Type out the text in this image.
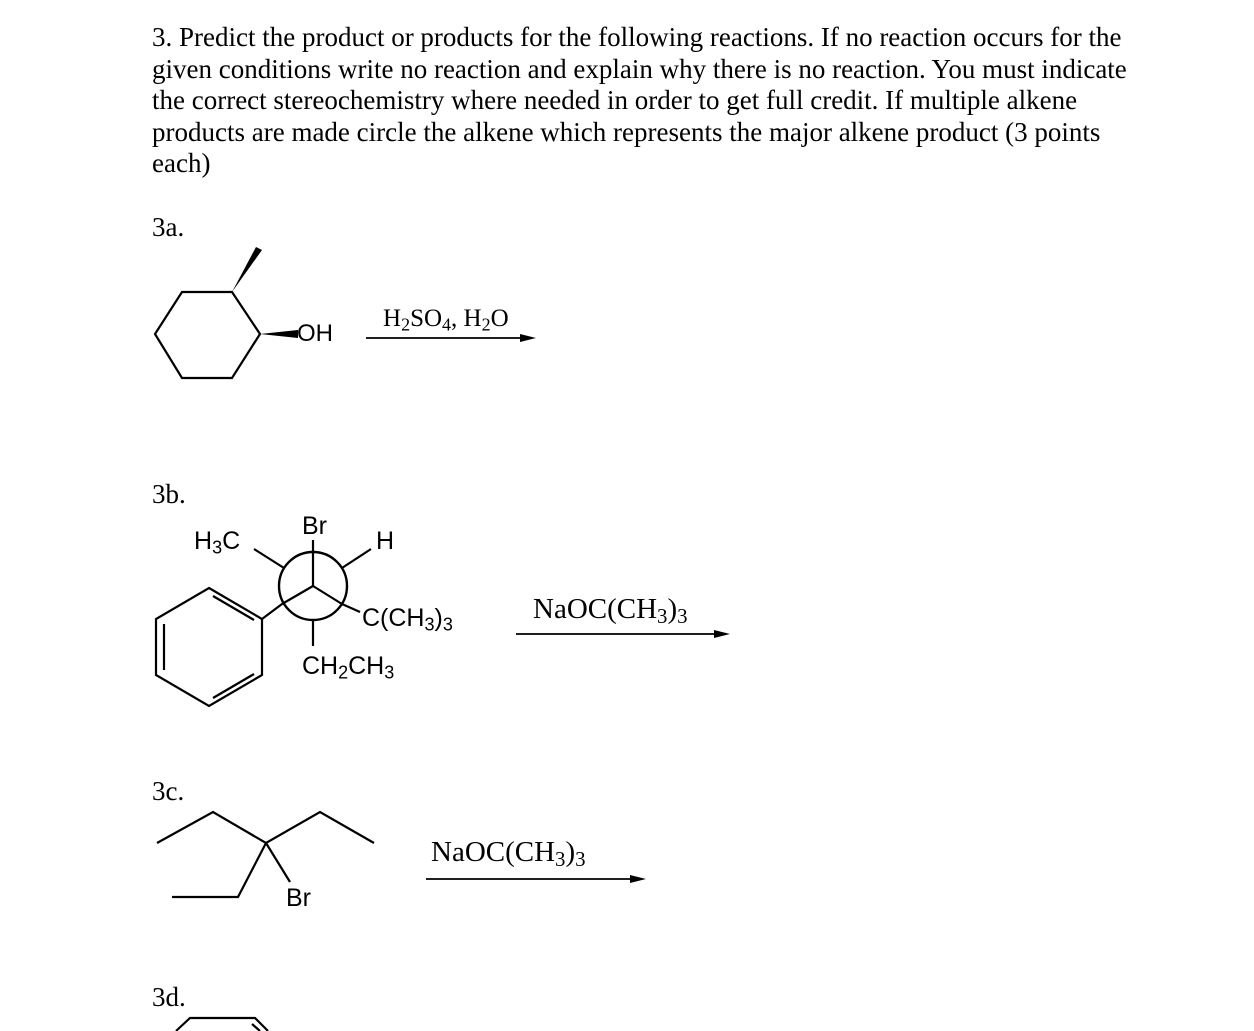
3. Predict the product or products for the following reactions. If no reaction occurs for the given conditions write no reaction and explain why there is no reaction. You must indicate the correct stereochemistry where needed in order to get full credit. If multiple alkene products are made circle the alkene which represents the major alkene product (3 points each)

3a.

OH
$H_2SO_4$, $H_2O$

3b.

$H_3C$
Br
H
$C(CH_3)_3$
$CH_2CH_3$
$NaOC(CH_3)_3$

3c.

Br
$NaOC(CH_3)_3$

3d.
